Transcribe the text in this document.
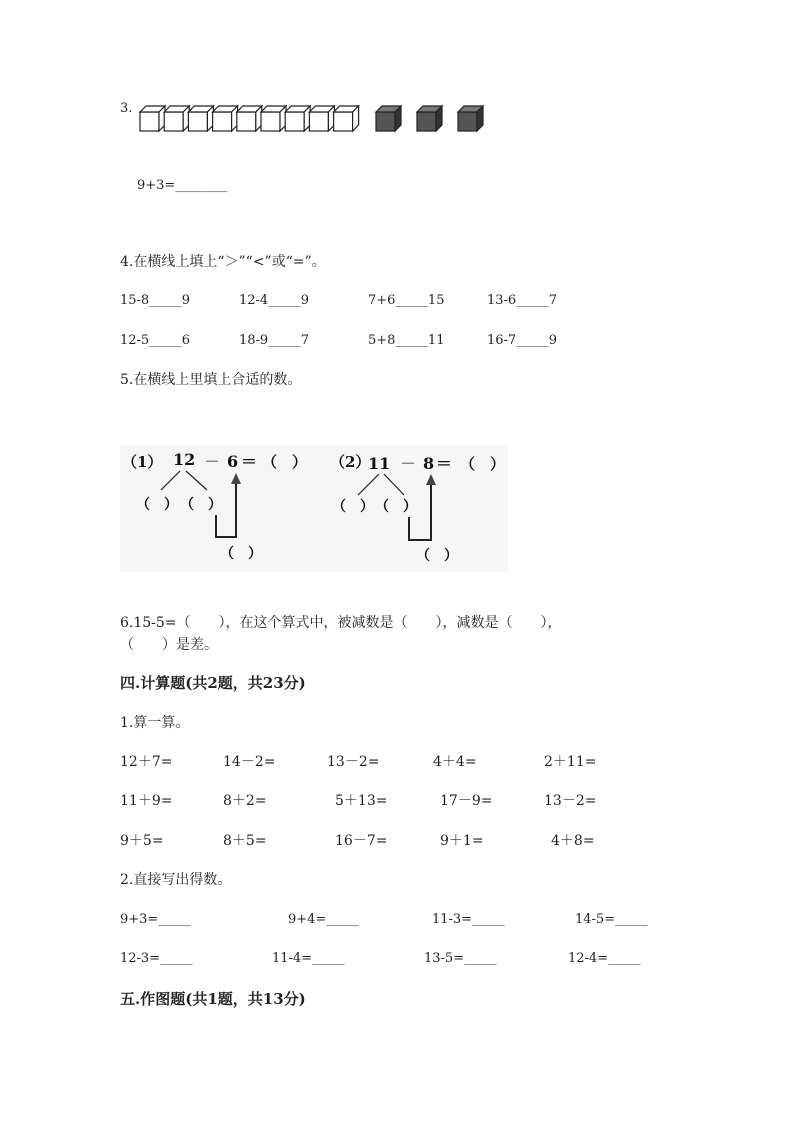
3.
9+3=________
4.在横线上填上“＞”“<”或“=”。
15-8_____9	12-4_____9	7+6_____15	13-6_____7
12-5_____6	18-9_____7	5+8_____11	16-7_____9
5.在横线上里填上合适的数。
（1） 12 － 6 ＝ （　）
（　） （　）
（　）
（2）
11 － 8 ＝ （　）
（　） （　）
（　）
6.15-5=（　　），在这个算式中，被减数是（　　），减数是（　　），
（　　）是差。
四.计算题(共2题，共23分)
1.算一算。
12＋7=	14－2=	13－2=	4＋4=	2＋11=
11＋9=	8＋2=	5＋13=	17－9=	13－2=
9＋5=	8＋5=	16－7=	9＋1=	4＋8=
2.直接写出得数。
9+3=_____	9+4=_____	11-3=_____	14-5=_____
12-3=_____	11-4=_____	13-5=_____	12-4=_____
五.作图题(共1题，共13分)
